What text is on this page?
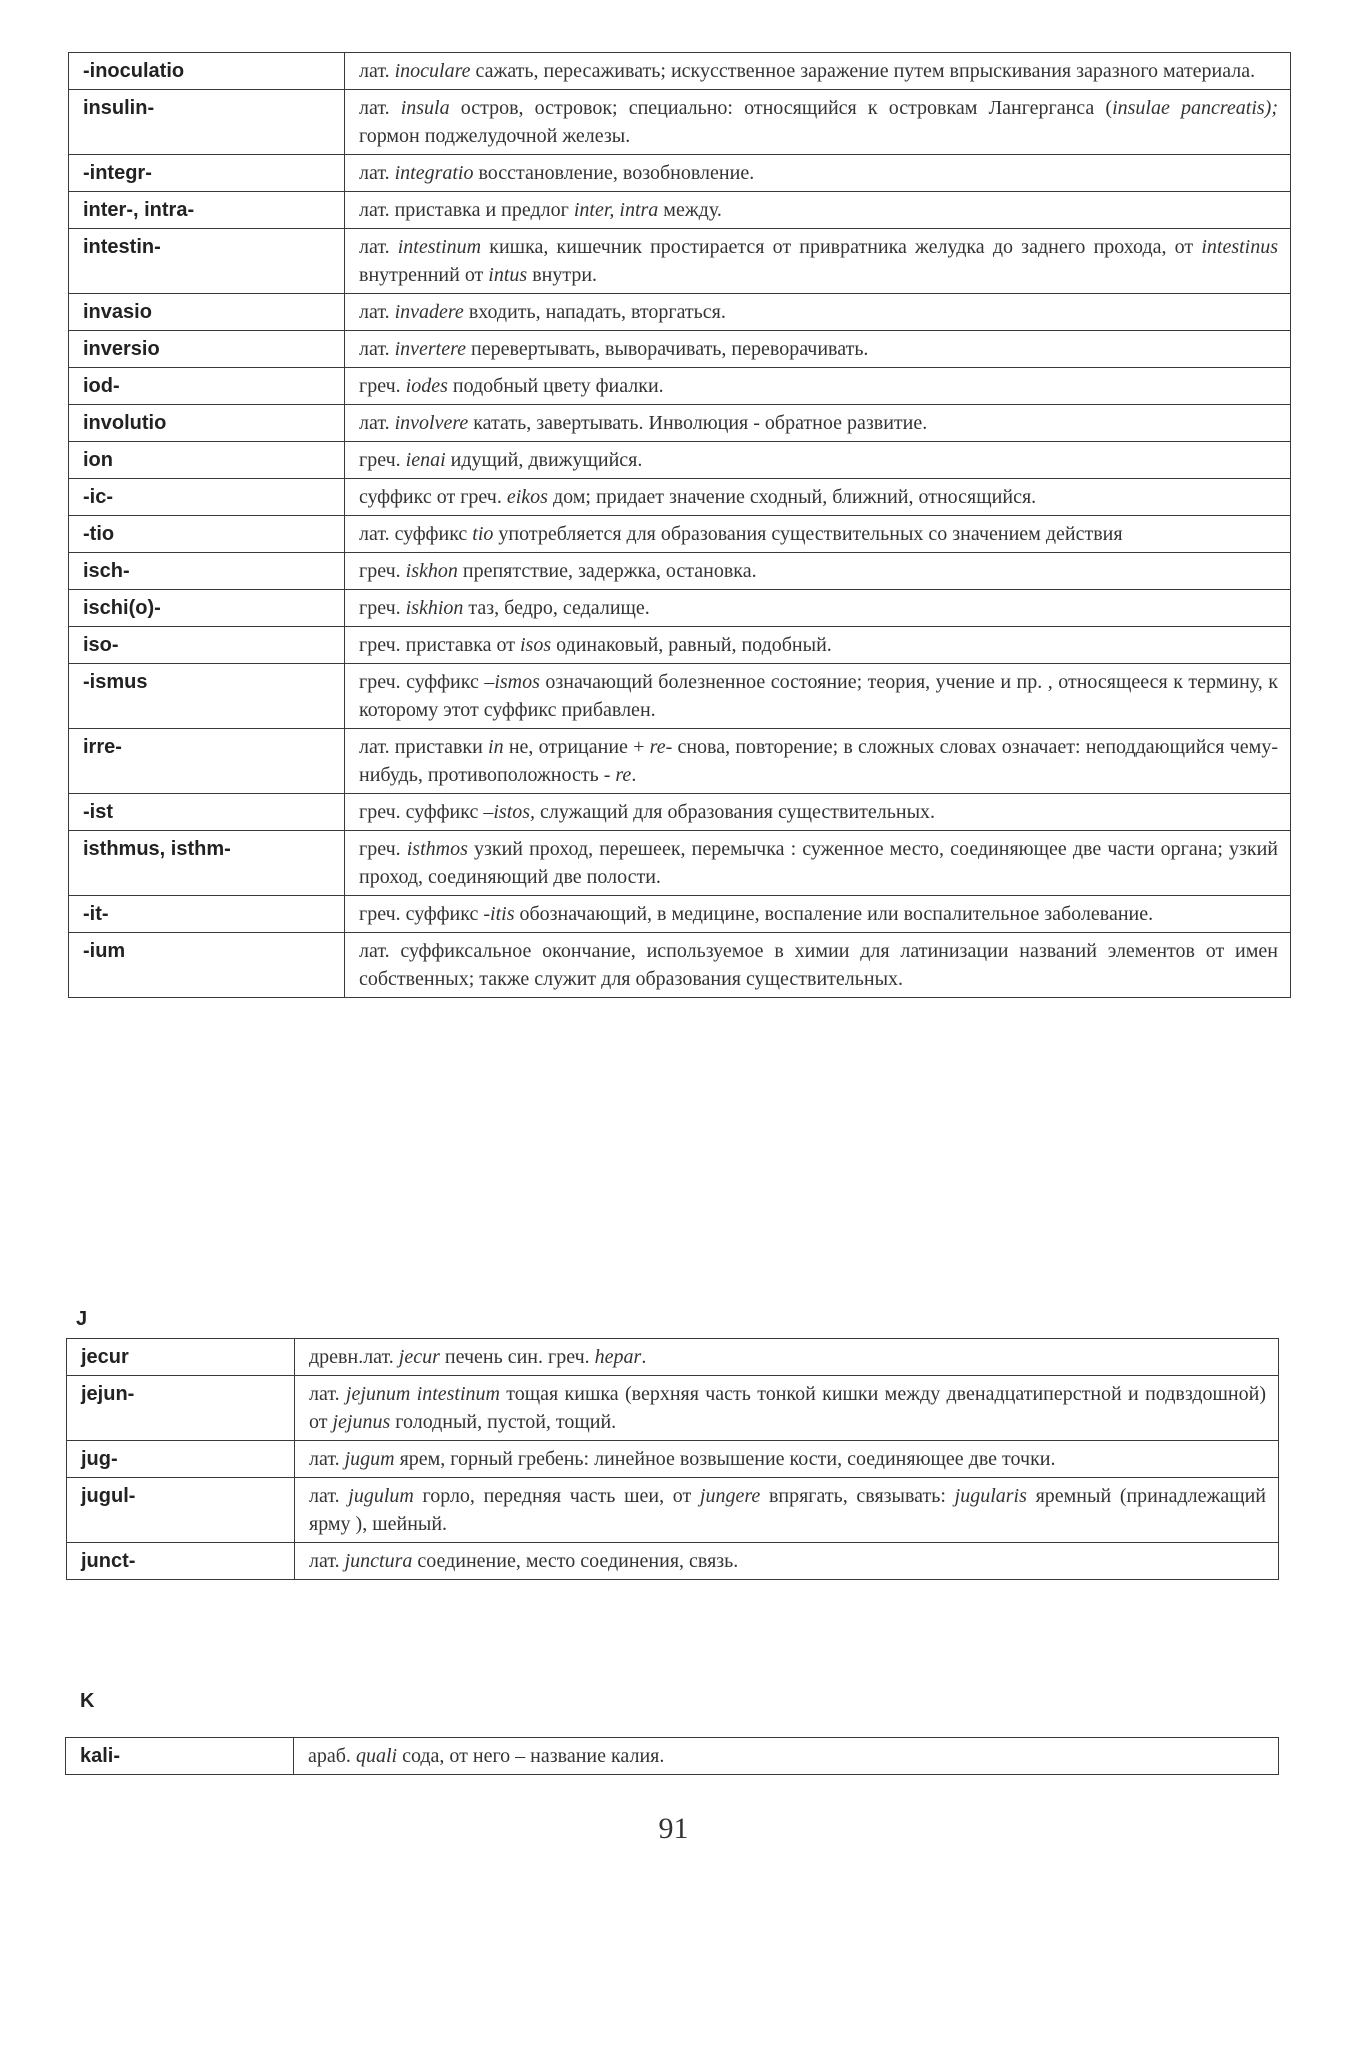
-inoculatio	лат. inoculare сажать, пересаживать; искусственное заражение путем впрыскивания заразного материала.
insulin-	лат. insula остров, островок; специально: относящийся к островкам Лангерганса (insulae pancreatis); гормон поджелудочной железы.
-integr-	лат. integratio восстановление, возобновление.
inter-, intra-	лат. приставка и предлог inter, intra между.
intestin-	лат. intestinum кишка, кишечник простирается от привратника желудка до заднего прохода, от intestinus внутренний от intus внутри.
invasio	лат. invadere входить, нападать, вторгаться.
inversio	лат. invertere перевертывать, выворачивать, переворачивать.
iod-	греч. iodes подобный цвету фиалки.
involutio	лат. involvere катать, завертывать. Инволюция - обратное развитие.
ion	греч. ienai идущий, движущийся.
-ic-	суффикс от греч. eikos дом; придает значение сходный, ближний, относящийся.
-tio	лат. суффикс tio употребляется для образования существительных со значением действия
isch-	греч. iskhon препятствие, задержка, остановка.
ischi(o)-	греч. iskhion таз, бедро, седалище.
iso-	греч. приставка от isos одинаковый, равный, подобный.
-ismus	греч. суффикс –ismos означающий болезненное состояние; теория, учение и пр. , относящееся к термину, к которому этот суффикс прибавлен.
irre-	лат. приставки in не, отрицание + re- снова, повторение; в сложных словах означает: неподдающийся чему-нибудь, противоположность - re.
-ist	греч. суффикс –istos, служащий для образования существительных.
isthmus, isthm-	греч. isthmos узкий проход, перешеек, перемычка : суженное место, соединяющее две части органа; узкий проход, соединяющий две полости.
-it-	греч. суффикс -itis обозначающий, в медицине, воспаление или воспалительное заболевание.
-ium	лат. суффиксальное окончание, используемое в химии для латинизации названий элементов от имен собственных; также служит для образования существительных.
J
jecur	древн.лат. jecur печень син. греч. hepar.
jejun-	лат. jejunum intestinum тощая кишка (верхняя часть тонкой кишки между двенадцатиперстной и подвздошной) от jejunus голодный, пустой, тощий.
jug-	лат. jugum ярем, горный гребень: линейное возвышение кости, соединяющее две точки.
jugul-	лат. jugulum горло, передняя часть шеи, от jungere впрягать, связывать: jugularis яремный (принадлежащий ярму ), шейный.
junct-	лат. junctura соединение, место соединения, связь.
K
kali-	араб. quali сода, от него – название калия.
91
